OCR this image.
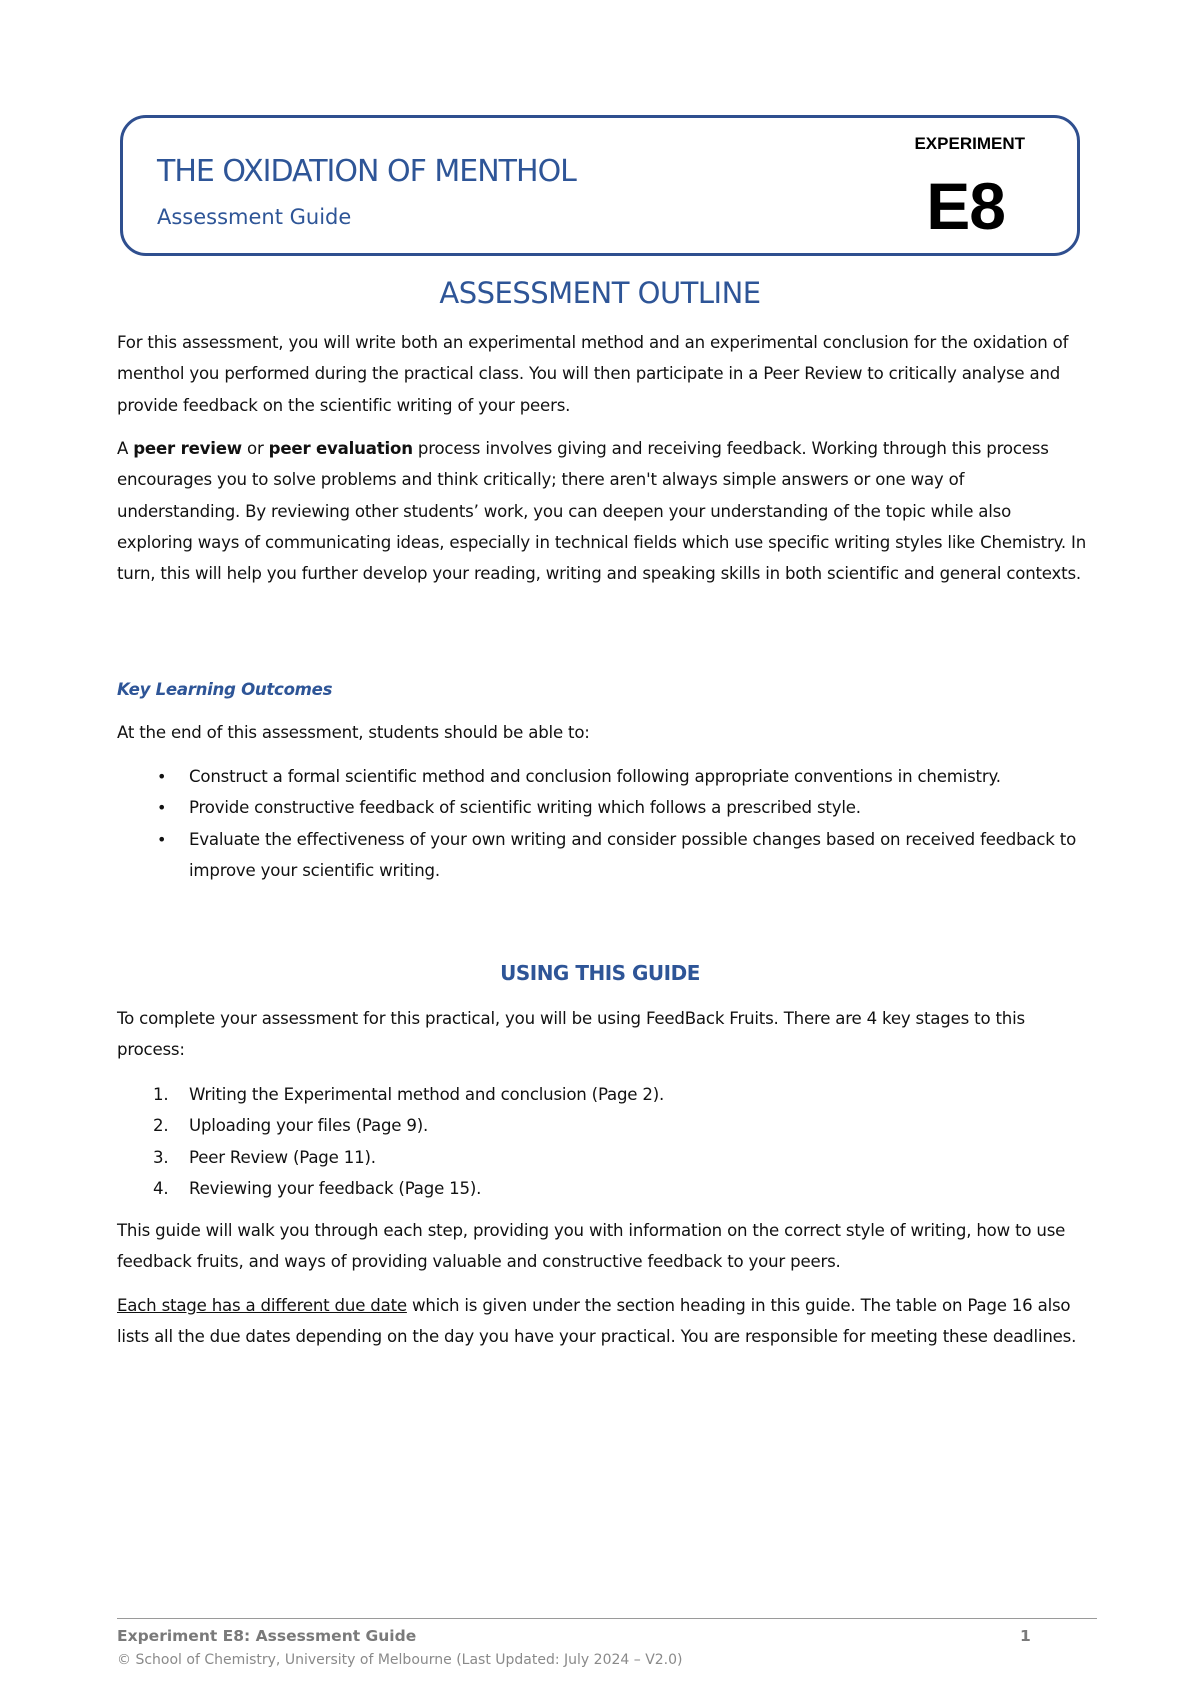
THE OXIDATION OF MENTHOL
Assessment Guide
EXPERIMENT
E8
ASSESSMENT OUTLINE

For this assessment, you will write both an experimental method and an experimental conclusion for the oxidation of menthol you performed during the practical class. You will then participate in a Peer Review to critically analyse and provide feedback on the scientific writing of your peers.

A peer review or peer evaluation process involves giving and receiving feedback. Working through this process encourages you to solve problems and think critically; there aren't always simple answers or one way of understanding. By reviewing other students’ work, you can deepen your understanding of the topic while also exploring ways of communicating ideas, especially in technical fields which use specific writing styles like Chemistry. In turn, this will help you further develop your reading, writing and speaking skills in both scientific and general contexts.

Key Learning Outcomes

At the end of this assessment, students should be able to:

• Construct a formal scientific method and conclusion following appropriate conventions in chemistry.
• Provide constructive feedback of scientific writing which follows a prescribed style.
• Evaluate the effectiveness of your own writing and consider possible changes based on received feedback to improve your scientific writing.
USING THIS GUIDE

To complete your assessment for this practical, you will be using FeedBack Fruits. There are 4 key stages to this process:

1. Writing the Experimental method and conclusion (Page 2).
2. Uploading your files (Page 9).
3. Peer Review (Page 11).
4. Reviewing your feedback (Page 15).

This guide will walk you through each step, providing you with information on the correct style of writing, how to use feedback fruits, and ways of providing valuable and constructive feedback to your peers.

Each stage has a different due date which is given under the section heading in this guide. The table on Page 16 also lists all the due dates depending on the day you have your practical. You are responsible for meeting these deadlines.

Experiment E8: Assessment Guide	1
© School of Chemistry, University of Melbourne (Last Updated: July 2024 – V2.0)
